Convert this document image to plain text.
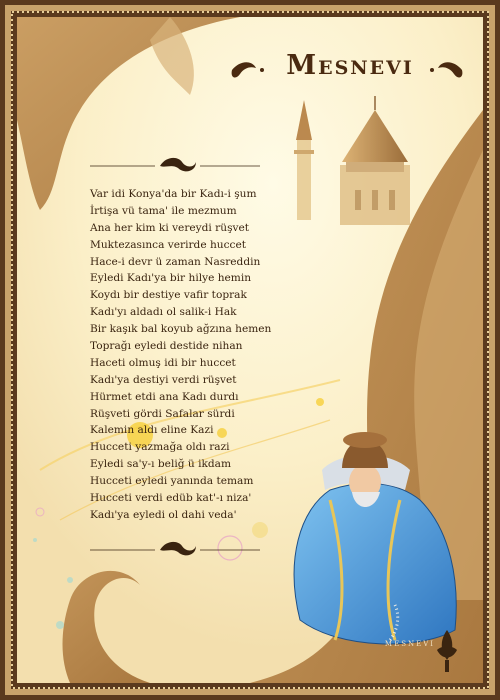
Mesnevi
Var idi Konya'da bir Kadı-i şum
İrtişa vü tama' ile mezmum
Ana her kim ki vereydi rüşvet
Muktezasınca verirde huccet
Hace-i devr ü zaman Nasreddin
Eyledi Kadı'ya bir hilye hemin
Koydı bir destiye vafir toprak
Kadı'yı aldadı ol salik-i Hak
Bir kaşık bal koyub ağzına hemen
Toprağı eyledi destide nihan
Haceti olmuş idi bir huccet
Kadı'ya destiyi verdi rüşvet
Hürmet etdi ana Kadı durdı
Rüşveti gördi Safalar sürdi
Kalemin aldı eline Kazi
Hucceti yazmağa oldı razi
Eyledi sa'y-ı beliğ ü ikdam
Hucceti eyledi yanında temam
Hucceti verdi edüb kat'-ı niza'
Kadı'ya eyledi ol dahi veda'
MESNEVI
